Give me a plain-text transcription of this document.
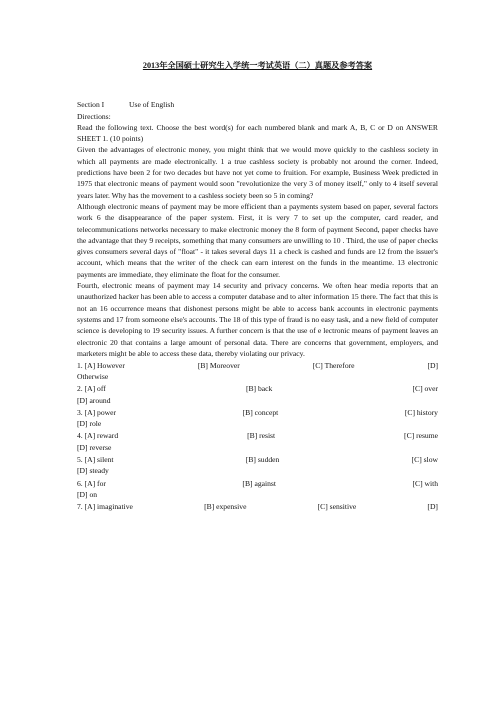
2013年全国硕士研究生入学统一考试英语（二）真题及参考答案
Section I	Use of English
Directions:

Read the following text. Choose the best word(s) for each numbered blank and mark A, B, C or D on ANSWER SHEET 1. (10 points)

Given the advantages of electronic money, you might think that we would move quickly to the cashless society in which all payments are made electronically. 1 a true cashless society is probably not around the corner. Indeed, predictions have been 2 for two decades but have not yet come to fruition. For example, Business Week predicted in 1975 that electronic means of payment would soon "revolutionize the very 3 of money itself," only to 4 itself several years later. Why has the movement to a cashless society been so 5 in coming?

Although electronic means of payment may be more efficient than a payments system based on paper, several factors work 6 the disappearance of the paper system. First, it is very 7 to set up the computer, card reader, and telecommunications networks necessary to make electronic money the 8 form of payment Second, paper checks have the advantage that they 9 receipts, something that many consumers are unwilling to 10 . Third, the use of paper checks gives consumers several days of "float" - it takes several days 11 a check is cashed and funds are 12 from the issuer's account, which means that the writer of the check can earn interest on the funds in the meantime. 13 electronic payments are immediate, they eliminate the float for the consumer.

Fourth, electronic means of payment may 14 security and privacy concerns. We often hear media reports that an unauthorized hacker has been able to access a computer database and to alter information 15 there. The fact that this is not an 16 occurrence means that dishonest persons might be able to access bank accounts in electronic payments systems and 17 from someone else's accounts. The 18 of this type of fraud is no easy task, and a new field of computer science is developing to 19 security issues. A further concern is that the use of e lectronic means of payment leaves an electronic 20 that contains a large amount of personal data. There are concerns that government, employers, and marketers might be able to access these data, thereby violating our privacy.

1. [A] However	[B] Moreover	[C] Therefore	[D]
Otherwise
2. [A] off	[B] back	[C] over
[D] around
3. [A] power	[B] concept	[C] history
[D] role
4. [A] reward	[B] resist	[C] resume
[D] reverse
5. [A] silent	[B] sudden	[C] slow
[D] steady
6. [A] for	[B] against	[C] with
[D] on
7. [A] imaginative	[B] expensive	[C] sensitive	[D]
